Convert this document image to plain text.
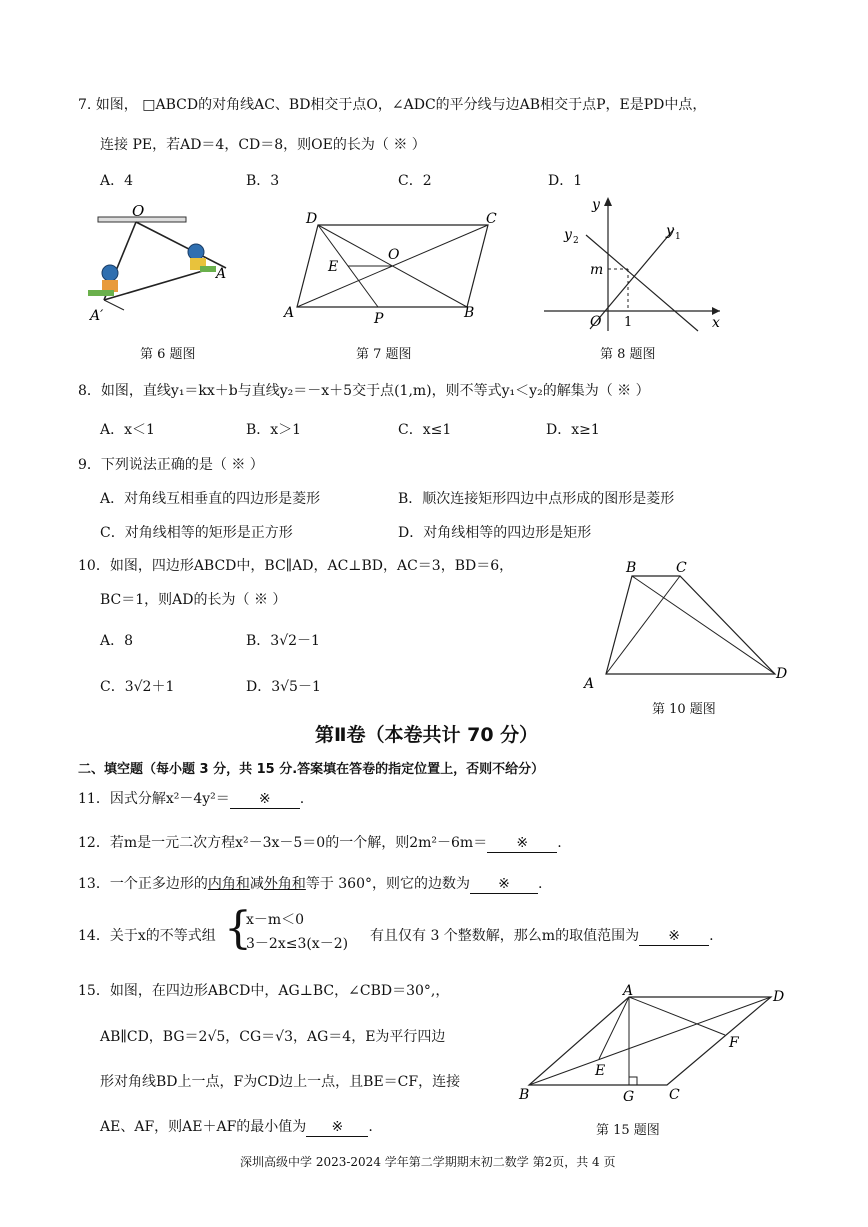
7. 如图， □ABCD的对角线AC、BD相交于点O，∠ADC的平分线与边AB相交于点P，E是PD中点，
连接 PE，若AD＝4，CD＝8，则OE的长为（ ※ ）
A．4	B．3	C．2	D．1
O
A
A′
第 6 题图
D	C
O
E
A	P	B
第 7 题图
y
y 2
y 1
m
O 1	x
第 8 题图
8．如图，直线y₁＝kx＋b与直线y₂＝－x＋5交于点(1,m)，则不等式y₁＜y₂的解集为（ ※ ）
A．x＜1	B．x＞1	C．x≤1	D．x≥1
9．下列说法正确的是（ ※ ）
A．对角线互相垂直的四边形是菱形	B．顺次连接矩形四边中点形成的图形是菱形
C．对角线相等的矩形是正方形	D．对角线相等的四边形是矩形
10．如图，四边形ABCD中，BC∥AD，AC⊥BD，AC＝3，BD＝6，
BC＝1，则AD的长为（ ※ ）
A．8	B．3√2－1
C．3√2＋1	D．3√5－1
B	C
A
D
第 10 题图
第Ⅱ卷（本卷共计 70 分）
二、填空题（每小题 3 分，共 15 分.答案填在答卷的指定位置上，否则不给分）
11．因式分解x²－4y²＝ ※ .
12．若m是一元二次方程x²－3x－5＝0的一个解，则2m²－6m＝ ※ .
13．一个正多边形的内角和减外角和等于 360°，则它的边数为 ※ .
14．关于x的不等式组 {
x－m＜0
3－2x≤3(x－2) 有且仅有 3 个整数解，那么m的取值范围为 ※ .
15．如图，在四边形ABCD中，AG⊥BC，∠CBD＝30°,，
AB∥CD，BG＝2√5，CG＝√3，AG＝4，E为平行四边
形对角线BD上一点，F为CD边上一点，且BE＝CF，连接
AE、AF，则AE＋AF的最小值为 ※ .
A	D
F
E
B	G C
第 15 题图
深圳高级中学 2023-2024 学年第二学期期末初二数学 第2页，共 4 页
